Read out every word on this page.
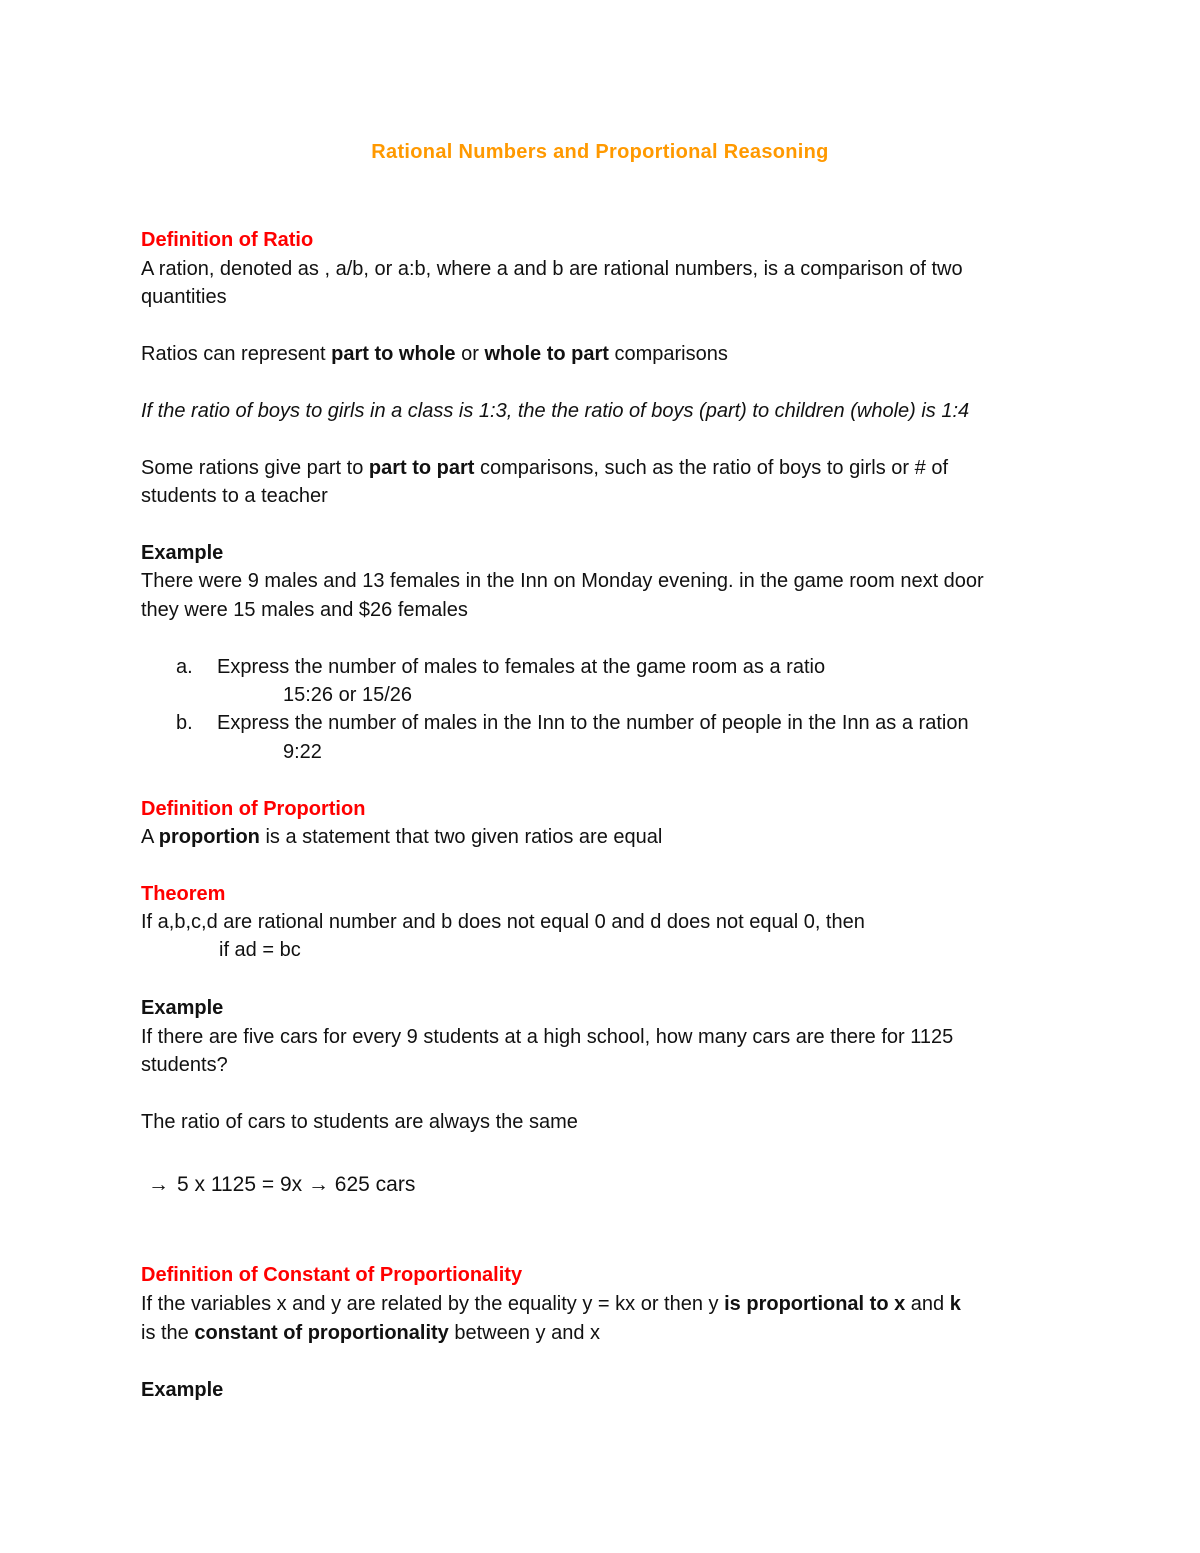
Rational Numbers and Proportional Reasoning
Definition of Ratio
A ration, denoted as , a/b, or a:b, where a and b are rational numbers, is a comparison of two
quantities
Ratios can represent part to whole or whole to part comparisons
If the ratio of boys to girls in a class is 1:3, the the ratio of boys (part) to children (whole) is 1:4
Some rations give part to part to part comparisons, such as the ratio of boys to girls or # of
students to a teacher
Example
There were 9 males and 13 females in the Inn on Monday evening. in the game room next door
they were 15 males and $26 females
a. Express the number of males to females at the game room as a ratio
15:26 or 15/26
b. Express the number of males in the Inn to the number of people in the Inn as a ration
9:22
Definition of Proportion
A proportion is a statement that two given ratios are equal
Theorem
If a,b,c,d are rational number and b does not equal 0 and d does not equal 0, then
if ad = bc
Example
If there are five cars for every 9 students at a high school, how many cars are there for 1125
students?
The ratio of cars to students are always the same
→ 5 x 1125 = 9x → 625 cars
Definition of Constant of Proportionality
If the variables x and y are related by the equality y = kx or then y is proportional to x and k
is the constant of proportionality between y and x
Example
